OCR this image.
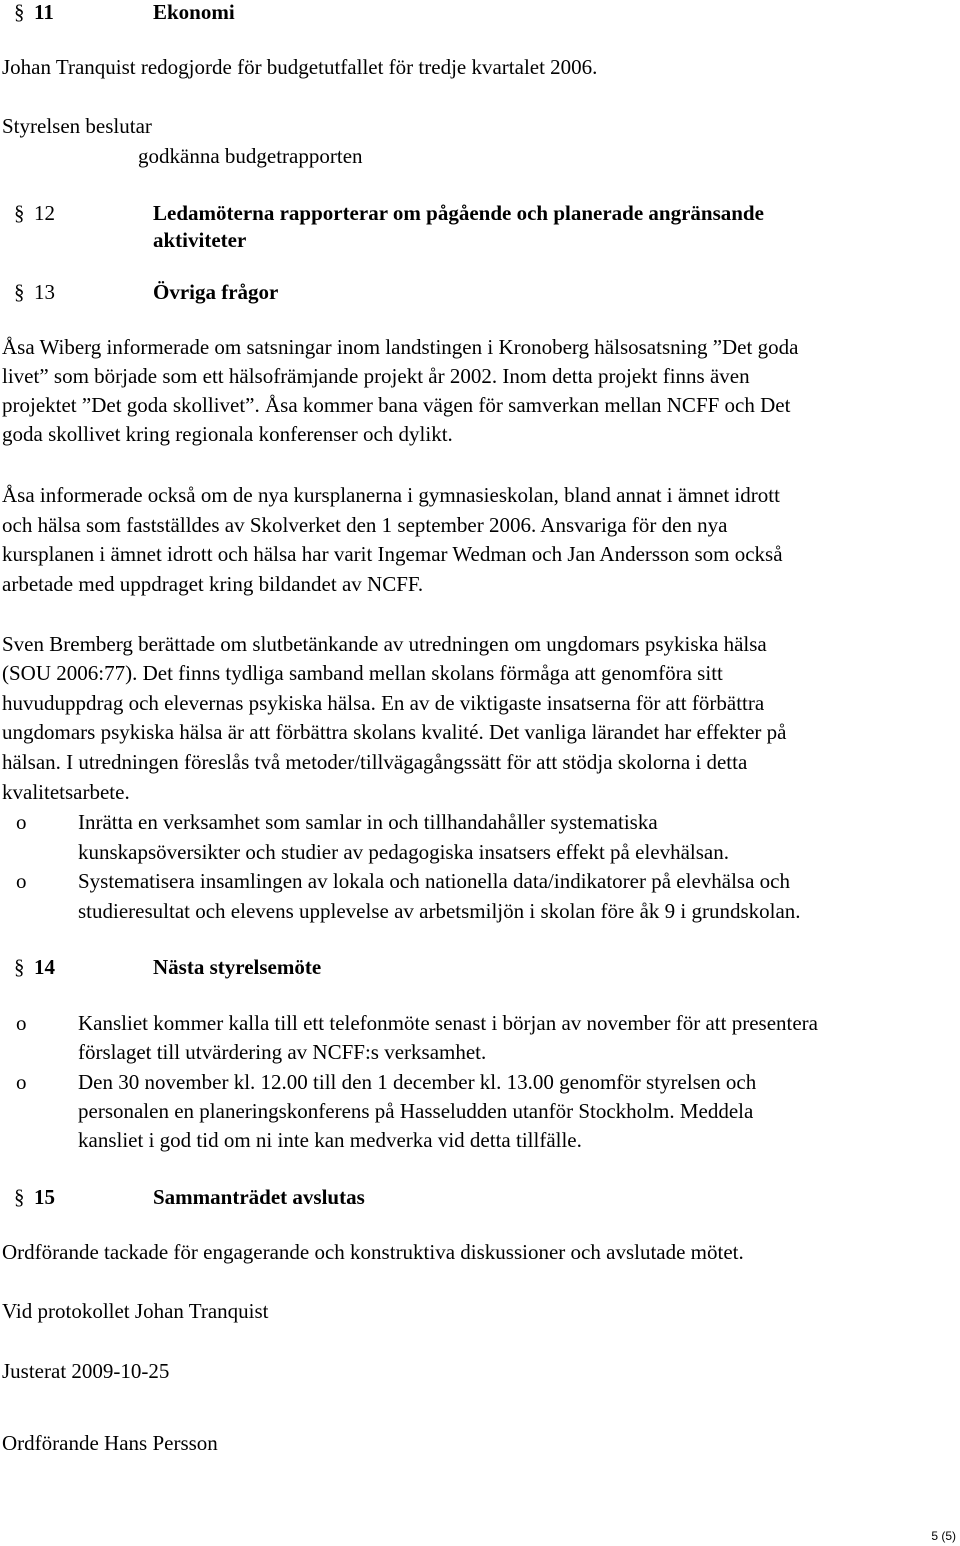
§ 11	Ekonomi
Johan Tranquist redogjorde för budgetutfallet för tredje kvartalet 2006.
Styrelsen beslutar
godkänna budgetrapporten
§ 12	Ledamöterna rapporterar om pågående och planerade angränsande
aktiviteter
§ 13	Övriga frågor
Åsa Wiberg informerade om satsningar inom landstingen i Kronoberg hälsosatsning ”Det goda
livet” som började som ett hälsofrämjande projekt år 2002. Inom detta projekt finns även
projektet ”Det goda skollivet”. Åsa kommer bana vägen för samverkan mellan NCFF och Det
goda skollivet kring regionala konferenser och dylikt.
Åsa informerade också om de nya kursplanerna i gymnasieskolan, bland annat i ämnet idrott
och hälsa som fastställdes av Skolverket den 1 september 2006. Ansvariga för den nya
kursplanen i ämnet idrott och hälsa har varit Ingemar Wedman och Jan Andersson som också
arbetade med uppdraget kring bildandet av NCFF.
Sven Bremberg berättade om slutbetänkande av utredningen om ungdomars psykiska hälsa
(SOU 2006:77). Det finns tydliga samband mellan skolans förmåga att genomföra sitt
huvuduppdrag och elevernas psykiska hälsa. En av de viktigaste insatserna för att förbättra
ungdomars psykiska hälsa är att förbättra skolans kvalité. Det vanliga lärandet har effekter på
hälsan. I utredningen föreslås två metoder/tillvägagångssätt för att stödja skolorna i detta
kvalitetsarbete.
o Inrätta en verksamhet som samlar in och tillhandahåller systematiska
kunskapsöversikter och studier av pedagogiska insatsers effekt på elevhälsan.
o Systematisera insamlingen av lokala och nationella data/indikatorer på elevhälsa och
studieresultat och elevens upplevelse av arbetsmiljön i skolan före åk 9 i grundskolan.
§ 14	Nästa styrelsemöte
o Kansliet kommer kalla till ett telefonmöte senast i början av november för att presentera
förslaget till utvärdering av NCFF:s verksamhet.
o Den 30 november kl. 12.00 till den 1 december kl. 13.00 genomför styrelsen och
personalen en planeringskonferens på Hasseludden utanför Stockholm. Meddela
kansliet i god tid om ni inte kan medverka vid detta tillfälle.
§ 15	Sammanträdet avslutas
Ordförande tackade för engagerande och konstruktiva diskussioner och avslutade mötet.
Vid protokollet Johan Tranquist
Justerat 2009-10-25
Ordförande Hans Persson
5 (5)
